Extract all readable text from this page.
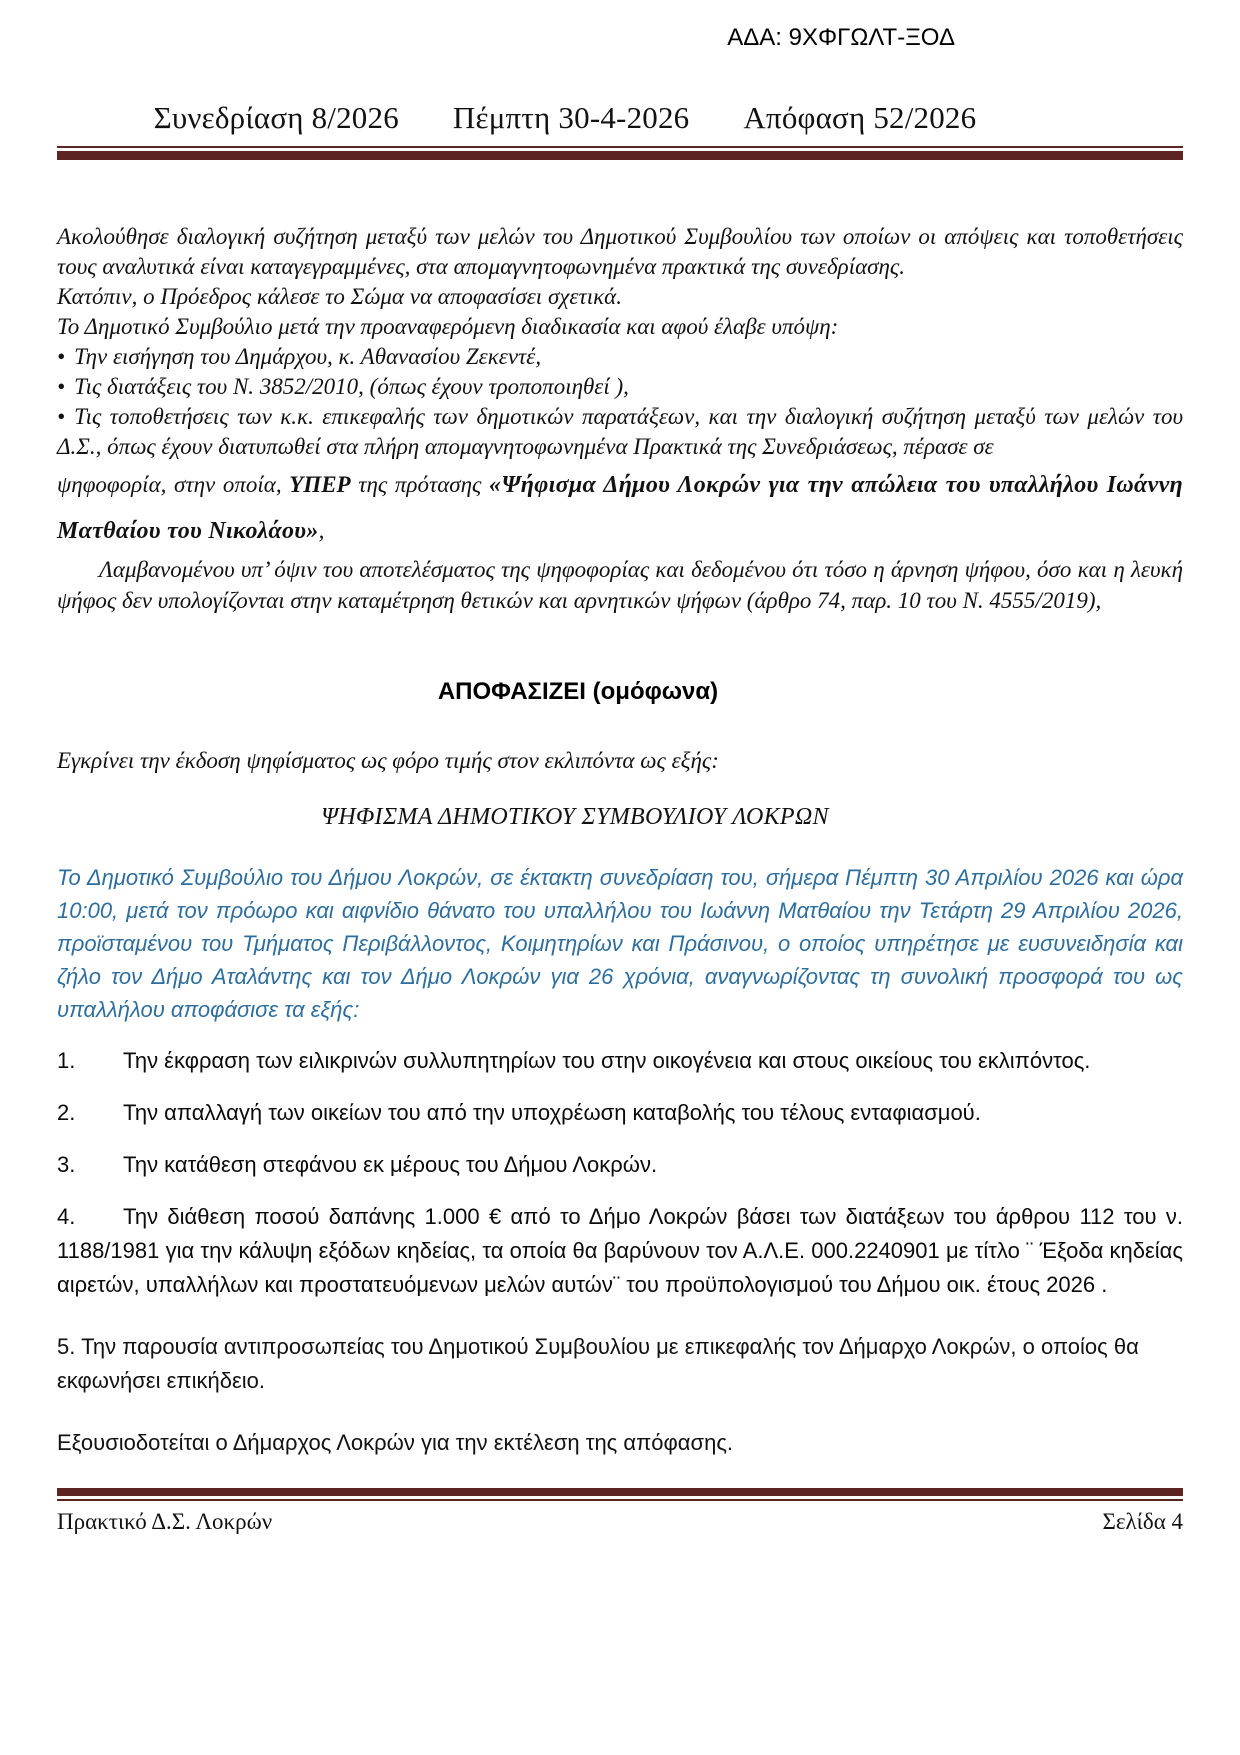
ΑΔΑ: 9ΧΦΓΩΛΤ-ΞΟΔ
Συνεδρίαση 8/2026 Πέμπτη 30-4-2026 Απόφαση 52/2026

Ακολούθησε διαλογική συζήτηση μεταξύ των μελών του Δημοτικού Συμβουλίου των οποίων οι απόψεις και τοποθετήσεις τους αναλυτικά είναι καταγεγραμμένες, στα απομαγνητοφωνημένα πρακτικά της συνεδρίασης.

Κατόπιν, ο Πρόεδρος κάλεσε το Σώμα να αποφασίσει σχετικά.

Το Δημοτικό Συμβούλιο μετά την προαναφερόμενη διαδικασία και αφού έλαβε υπόψη:

• Την εισήγηση του Δημάρχου, κ. Αθανασίου Ζεκεντέ,

• Τις διατάξεις του Ν. 3852/2010, (όπως έχουν τροποποιηθεί ),

• Τις τοποθετήσεις των κ.κ. επικεφαλής των δημοτικών παρατάξεων, και την διαλογική συζήτηση μεταξύ των μελών του Δ.Σ., όπως έχουν διατυπωθεί στα πλήρη απομαγνητοφωνημένα Πρακτικά της Συνεδριάσεως, πέρασε σε

ψηφοφορία, στην οποία, ΥΠΕΡ της πρότασης «Ψήφισμα Δήμου Λοκρών για την απώλεια του υπαλλήλου Ιωάννη Ματθαίου του Νικολάου»,

Λαμβανομένου υπ’ όψιν του αποτελέσματος της ψηφοφορίας και δεδομένου ότι τόσο η άρνηση ψήφου, όσο και η λευκή ψήφος δεν υπολογίζονται στην καταμέτρηση θετικών και αρνητικών ψήφων (άρθρο 74, παρ. 10 του Ν. 4555/2019),

ΑΠΟΦΑΣΙΖΕΙ (ομόφωνα)
Εγκρίνει την έκδοση ψηφίσματος ως φόρο τιμής στον εκλιπόντα ως εξής:
ΨΗΦΙΣΜΑ ΔΗΜΟΤΙΚΟΥ ΣΥΜΒΟΥΛΙΟΥ ΛΟΚΡΩΝ
Το Δημοτικό Συμβούλιο του Δήμου Λοκρών, σε έκτακτη συνεδρίαση του, σήμερα Πέμπτη 30 Απριλίου 2026 και ώρα 10:00, μετά τον πρόωρο και αιφνίδιο θάνατο του υπαλλήλου του Ιωάννη Ματθαίου την Τετάρτη 29 Απριλίου 2026, προϊσταμένου του Τμήματος Περιβάλλοντος, Κοιμητηρίων και Πράσινου, ο οποίος υπηρέτησε με ευσυνειδησία και ζήλο τον Δήμο Αταλάντης και τον Δήμο Λοκρών για 26 χρόνια, αναγνωρίζοντας τη συνολική προσφορά του ως υπαλλήλου αποφάσισε τα εξής:

1. Την έκφραση των ειλικρινών συλλυπητηρίων του στην οικογένεια και στους οικείους του εκλιπόντος.

2. Την απαλλαγή των οικείων του από την υποχρέωση καταβολής του τέλους ενταφιασμού.

3. Την κατάθεση στεφάνου εκ μέρους του Δήμου Λοκρών.

4. Την διάθεση ποσού δαπάνης 1.000 € από το Δήμο Λοκρών βάσει των διατάξεων του άρθρου 112 του ν. 1188/1981 για την κάλυψη εξόδων κηδείας, τα οποία θα βαρύνουν τον Α.Λ.Ε. 000.2240901 με τίτλο ¨ Έξοδα κηδείας αιρετών, υπαλλήλων και προστατευόμενων μελών αυτών¨ του προϋπολογισμού του Δήμου οικ. έτους 2026 .

5. Την παρουσία αντιπροσωπείας του Δημοτικού Συμβουλίου με επικεφαλής τον Δήμαρχο Λοκρών, ο οποίος θα εκφωνήσει επικήδειο.

Εξουσιοδοτείται ο Δήμαρχος Λοκρών για την εκτέλεση της απόφασης.

Πρακτικό Δ.Σ. Λοκρών	Σελίδα 4
